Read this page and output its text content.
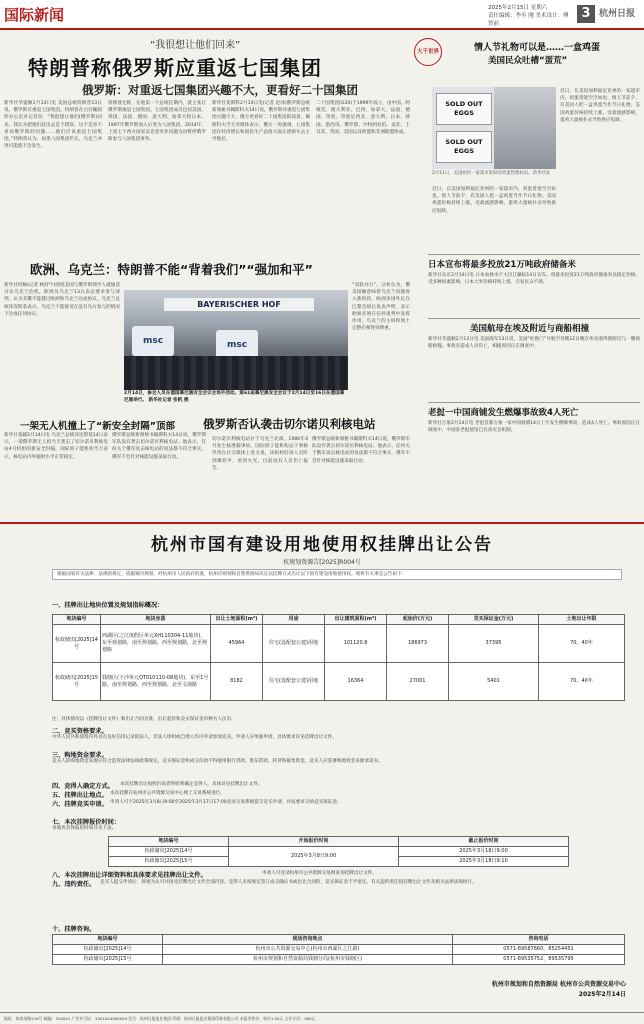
国际新闻	2025年2月15日 星期六
责任编辑：李丞 刚 美术设计：傅智前
3 杭州日报
“我很想让他们回来”
特朗普称俄罗斯应重返七国集团
俄罗斯：对重返七国集团兴趣不大，更看好二十国集团
新华社华盛顿2月13日电 美国总统特朗普13日说，俄罗斯应重返七国集团。特朗普在白宫椭圆形办公室对记者说：“我很想让他们(俄罗斯)回来。我认为把他们赶出去是个错误。这不是喜不喜欢俄罗斯的问题……他们应该重返七国集团。”特朗普认为，如果八国集团仍在，乌克兰冲突可能就不会发生。
特朗普还称，在他第一个总统任期内，就主张让俄罗斯重返七国集团。七国集团成员包括美国、英国、法国、德国、意大利、加拿大和日本。1997年俄罗斯加入后变为八国集团。2014年，上述七个西方国家以克里米亚问题为由暂停俄罗斯参与八国集团事务。
新华社莫斯科2月14日电(记者 赵冰)俄罗斯总统新闻秘书佩斯科夫14日说，俄罗斯对重返七国集团兴趣不大，俄方更看好二十国集团的前景。佩斯科夫当天对媒体表示，俄方一再强调，七国集团在经济增长和国民生产总值方面正逐渐失去主导地位。
二十国集团(G20)于1999年成立，由中国、阿根廷、澳大利亚、巴西、加拿大、法国、德国、印度、印度尼西亚、意大利、日本、韩国、墨西哥、俄罗斯、沙特阿拉伯、南非、土耳其、英国、美国以及欧盟和非洲联盟组成。
欧洲、乌克兰：特朗普不能“背着我们”“强加和平”
新华社特稿(记者 杨舒宇)围绕美国与俄罗斯领导人就通话讨论乌克兰危机，欧洲及乌克兰13日表态要求参与谈判，认为美俄不能越过欧洲和乌克兰达成协议。乌克兰总统泽连斯基表示，乌克兰不能接受在没有乌方参与的情况下达成任何协议。
“双轨并行”。分析认为，俄美接触意味着乌克兰问题进入新阶段。欧洲多国外长在巴黎会晤后发表声明，表示欧洲必须在任何谈判中发挥作用。乌克兰的主权和领土完整必须得到尊重。
BAYERISCHER HOF
msc	msc
2月14日，参会人员在德国慕尼黑安全会议会场外活动。第61届慕尼黑安全会议于2月14日至16日在德国慕尼黑举行。 新华社记者 张帆 摄
一架无人机撞上了“新安全封隔”顶部 俄罗斯否认袭击切尔诺贝利核电站
新华社基辅2月14日电 乌克兰总统泽连斯基14日表示，一架俄罗斯无人机当天袭击了切尔诺贝利核电站4号机组的新安全封隔。国际原子能机构当天表示，核电站内外辐射水平正常稳定。
俄罗斯总统新闻秘书佩斯科夫14日说，俄罗斯军队没有袭击切尔诺贝利核电站。他表示，任何关于俄军攻击核电站的说法都不符合事实，俄军不会针对核能设施采取行动。
切尔诺贝利核电站位于乌克兰北部，1986年4月发生核泄漏事故。国际原子能机构总干事格罗西在社交媒体上发文说，该机构驻场人员听到爆炸声，看到火光，目前没有人员伤亡报告。
俄罗斯总统新闻秘书佩斯科夫14日说，俄罗斯军队没有袭击切尔诺贝利核电站。他表示，任何关于俄军攻击核电站的说法都不符合事实，俄军不会针对核能设施采取行动。
大千世界	情人节礼物可以是……一盒鸡蛋
美国民众吐槽“蛋荒”
SOLD OUT EGGS
SOLD OUT EGGS
2月11日，美国纽约一家超市张贴的鸡蛋售罄标识。新华社发
近日，在美国加利福尼亚州的一家超市内，鸡蛋货架空空如也。情人节前夕，有美国人把一盒鸡蛋当作节日礼物。美国鸡蛋价格持续上涨，受禽流感影响，蛋鸡大量被扑杀导致供应短缺。
近日，在美国加利福尼亚州的一家超市内，鸡蛋货架空空如也。情人节前夕，有美国人把一盒鸡蛋当作节日礼物。美国鸡蛋价格持续上涨，受禽流感影响，蛋鸡大量被扑杀导致供应短缺。
日本宣布将最多投放21万吨政府储备米
新华社东京2月14日电 日本农林水产大臣江藤拓14日宣布，将最多投放21万吨政府储备米以稳定价格。受多种因素影响，日本大米价格持续上涨，引发民众不满。
美国航母在埃及附近与商船相撞
新华社华盛顿2月13日电 美国海军13日说，美国“杜鲁门”号航空母舰12日晚在埃及塞得港附近与一艘商船相撞。事故未造成人员伤亡，相撞原因正在调查中。
老挝一中国商铺发生燃爆事故致4人死亡
新华社万象2月14日电 老挝首都万象一家中国商铺14日上午发生燃爆事故，造成4人死亡。事故原因正在调查中，中国驻老挝使馆已启动应急机制。
杭州市国有建设用地使用权挂牌出让公告
杭规划资源告[2025]R004号
根据国家有关法律、法规的规定，依据城市规划，经杭州市人民政府批准，杭州市规划和自然资源局决定以挂牌方式出让以下国有建设用地使用权。现将有关事宜公告如下：
一、挂牌出让地块位置及规划指标概况：
地块编号	地块坐落	出让土地面积(m²)	用途	出让建筑面积(m²)	起始价(万元)	竞买保证金(万元)	土地出让年限
杭政储出[2025]14号	西湖区(之江度假区单元XH110304-11地块)，东至规划路，南至规划路，西至规划路，北至规划路	45964	住宅(设配套公建)用地	101120.8	186973	37395	70、40年
杭政储出[2025]15号	钱塘区(下沙单元QT010110-08地块)，东至1号路，南至规划路，西至规划路，北至文海路	8182	住宅(设配套公建)用地	16364	27001	5401	70、40年
注：具体情况以《挂牌出让文件》和出让合同为准，出让起价和竞买保证金币种为人民币。
二、竞买资格要求。
中华人民共和国境内外具有良好信用记录的法人、非法人组织或自然人均可申请参加竞买。申请人应单独申请，具体要求详见挂牌出让文件。
三、购地资金要求。
竞买人的购地资金来源应符合监管法律法规政策规定。竞买保证金和成交价款不得使用银行贷款、股东借款、转贷和募集资金。竞买人应签署购地资金来源承诺书。
四、竞得人确定方式。 本次挂牌出让按照价高者得原则确定竞得人，具体详见挂牌出让文件。
五、挂牌出让地点。 本次挂牌在杭州市公共资源交易中心网上交易系统进行。
六、挂牌竞买申请。 申请人可于2025年3月8日9:00至2025年3月17日17:00登录交易系统提交竞买申请，并按要求交纳竞买保证金。
七、本次挂牌报价时间：
各地块具体报价时间详见下表。
地块编号	开始报价时间	截止报价时间
杭政储出[2025]14号	2025年3月8日9:00	2025年3月18日9:00
杭政储出[2025]15号		2025年3月18日9:10
八、本次挂牌出让详细资料和具体要求见挂牌出让文件。	申请人可登录杭州市公共资源交易网查询挂牌出让文件。
九、违约责任。 竞买人提交申请后，即视为认可并接受挂牌出让文件全部内容。竞得人未按规定签订成交确认书或出让合同的，竞买保证金不予退还。有关违约责任按挂牌出让文件及相关法律法规执行。
十、挂牌咨询。
地块编号	现场咨询地点	咨询电话
杭政储出[2025]14号	杭州市公共资源交易中心(杭州市西湖区之江路)	0571-89587660，85254451
杭政储出[2025]15号	杭州市规划和自然资源局钱塘分局(杭州市钱塘区)	0571-89535752，89535795
杭州市规划和自然资源局 杭州市公共资源交易中心
2025年2月14日
地址：体育场路218号 邮编：310041 广告许可证：3301004000004 发行：杭州日报报业集团 印刷：杭州日报报业集团印务有限公司 本报零售价：每份1.50元 全年订价：360元
